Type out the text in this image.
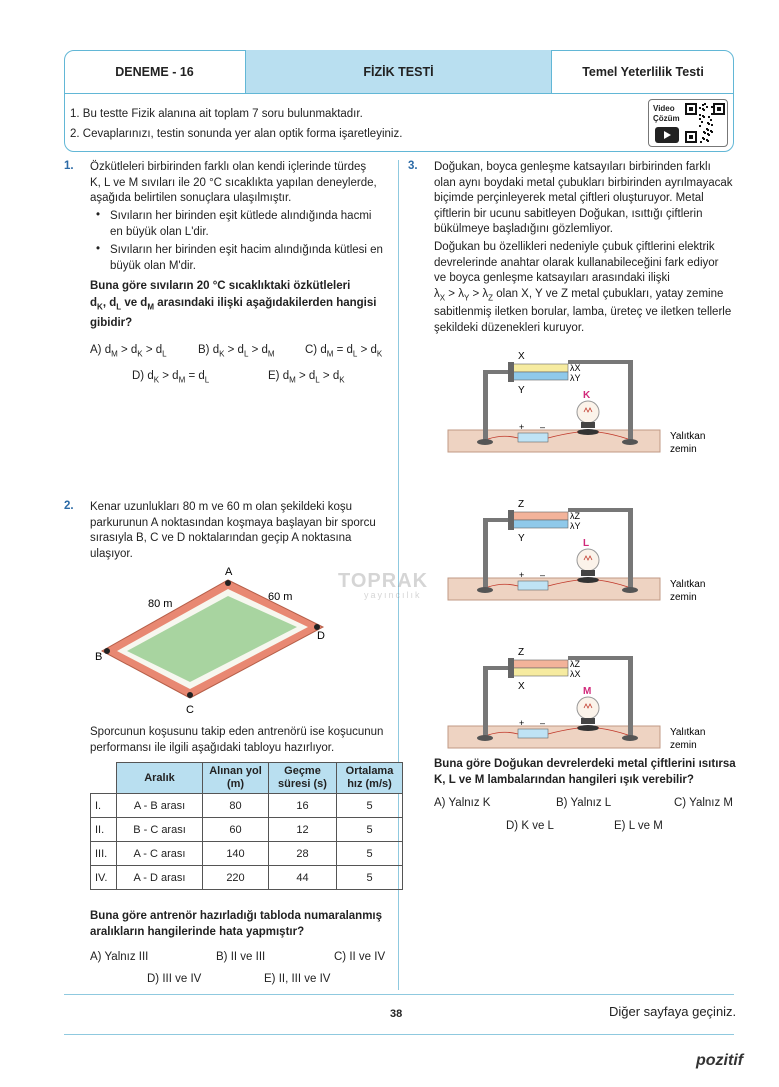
DENEME - 16	FİZİK TESTİ	Temel Yeterlilik Testi
1. Bu testte Fizik alanına ait toplam 7 soru bulunmaktadır.
2. Cevaplarınızı, testin sonunda yer alan optik forma işaretleyiniz.
Video
Çözüm
1. Özkütleleri birbirinden farklı olan kendi içlerinde türdeş
K, L ve M sıvıları ile 20 °C sıcaklıkta yapılan deneylerde,
aşağıda belirtilen sonuçlara ulaşılmıştır.
• Sıvıların her birinden eşit kütlede alındığında hacmi
en büyük olan L'dir.
• Sıvıların her birinden eşit hacim alındığında kütlesi en
büyük olan M'dir.
Buna göre sıvıların 20 °C sıcaklıktaki özkütleleri
$d_K$, $d_L$ ve $d_M$ arasındaki ilişki aşağıdakilerden hangisi
gibidir?
A) $d_M > d_K > d_L$	B) $d_K > d_L > d_M$	C) $d_M = d_L > d_K$
D) $d_K > d_M = d_L$	E) $d_M > d_L > d_K$
2. Kenar uzunlukları 80 m ve 60 m olan şekildeki koşu
parkurunun A noktasından koşmaya başlayan bir sporcu
sırasıyla B, C ve D noktalarından geçip A noktasına
ulaşıyor.
A
D
C
B
80 m
60 m
TOPRAK
yayıncılık
Sporcunun koşusunu takip eden antrenörü ise koşucunun
performansı ile ilgili aşağıdaki tabloyu hazırlıyor.
	Aralık	Alınan yol (m)	Geçme süresi (s)	Ortalama hız (m/s)
I.	A - B arası	80	16	5
II.	B - C arası	60	12	5
III.	A - C arası	140	28	5
IV.	A - D arası	220	44	5
Buna göre antrenör hazırladığı tabloda numaralanmış
aralıkların hangilerinde hata yapmıştır?
A) Yalnız III	B) II ve III	C) II ve IV
D) III ve IV	E) II, III ve IV
3. Doğukan, boyca genleşme katsayıları birbirinden farklı
olan aynı boydaki metal çubukları birbirinden ayrılmayacak
biçimde perçinleyerek metal çiftleri oluşturuyor. Metal
çiftlerin bir ucunu sabitleyen Doğukan, ısıttığı çiftlerin
bükülmeye başladığını gözlemliyor.
Doğukan bu özellikleri nedeniyle çubuk çiftlerini elektrik
devrelerinde anahtar olarak kullanabileceğini fark ediyor
ve boyca genleşme katsayıları arasındaki ilişki
$\lambda_X > \lambda_Y > \lambda_Z$ olan X, Y ve Z metal çubukları, yatay zemine
sabitlenmiş iletken borular, lamba, üreteç ve iletken tellerle
şekildeki düzenekleri kuruyor.
X
Y
λX
λY
K
+ –
Yalıtkan
zemin
Z
Y
λZ
λY
L
+ –
Yalıtkan
zemin
Z
X
λZ
λX
M
+ –
Yalıtkan
zemin
Buna göre Doğukan devrelerdeki metal çiftlerini ısıtırsa
K, L ve M lambalarından hangileri ışık verebilir?
A) Yalnız K	B) Yalnız L	C) Yalnız M
D) K ve L	E) L ve M
38	Diğer sayfaya geçiniz.
pozitif
